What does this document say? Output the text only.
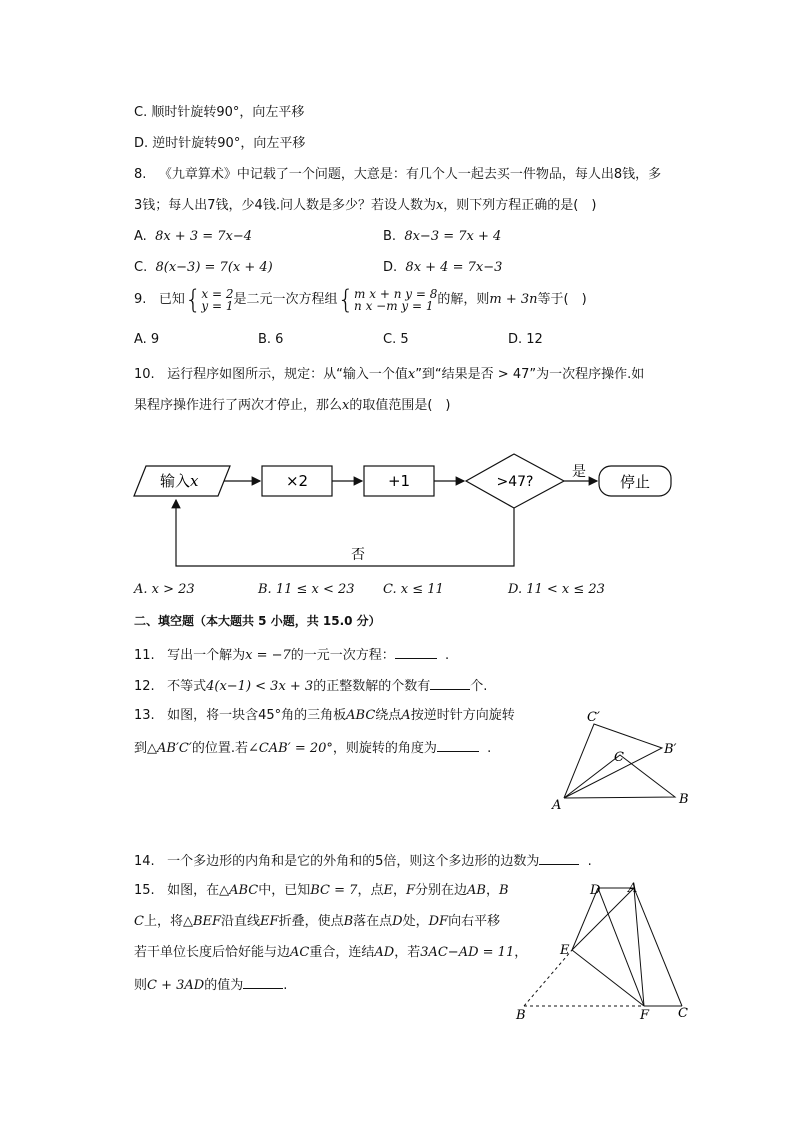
C. 顺时针旋转90°，向左平移
D. 逆时针旋转90°，向左平移
8. 《九章算术》中记载了一个问题，大意是：有几个人一起去买一件物品，每人出8钱，多
3钱；每人出7钱，少4钱.问人数是多少？若设人数为x，则下列方程正确的是(　)
A. 8x + 3 = 7x−4	B. 8x−3 = 7x + 4
C. 8(x−3) = 7(x + 4)	D. 8x + 4 = 7x−3
9. 已知{x = 2
y = 1是二元一次方程组{m x + n y = 8
n x −m y = 1 的解，则m + 3n等于(　)
A. 9	B. 6	C. 5	D. 12
10. 运行程序如图所示，规定：从“输入一个值x”到“结果是否 > 47”为一次程序操作.如
果程序操作进行了两次才停止，那么x的取值范围是(　)
输入x	×2	+1	>47?
是
停止
否
A. x > 23	B. 11 ≤ x < 23 C. x ≤ 11	D. 11 < x ≤ 23
二、填空题（本大题共 5 小题，共 15.0 分）
11. 写出一个解为x = −7的一元一次方程：	.
12. 不等式4(x−1) < 3x + 3的正整数解的个数有	个.
13. 如图，将一块含45°角的三角板ABC绕点A按逆时针方向旋转
到△AB′C′的位置.若∠CAB′ = 20°，则旋转的角度为	.
C′
B′
C
A	B
14. 一个多边形的内角和是它的外角和的5倍，则这个多边形的边数为	.
15. 如图，在△ABC中，已知BC = 7，点E，F分别在边AB，B
C上，将△BEF沿直线EF折叠，使点B落在点D处，DF向右平移
若干单位长度后恰好能与边AC重合，连结AD，若3AC−AD = 11，
则C + 3AD的值为	.
D A
E
B	F C
